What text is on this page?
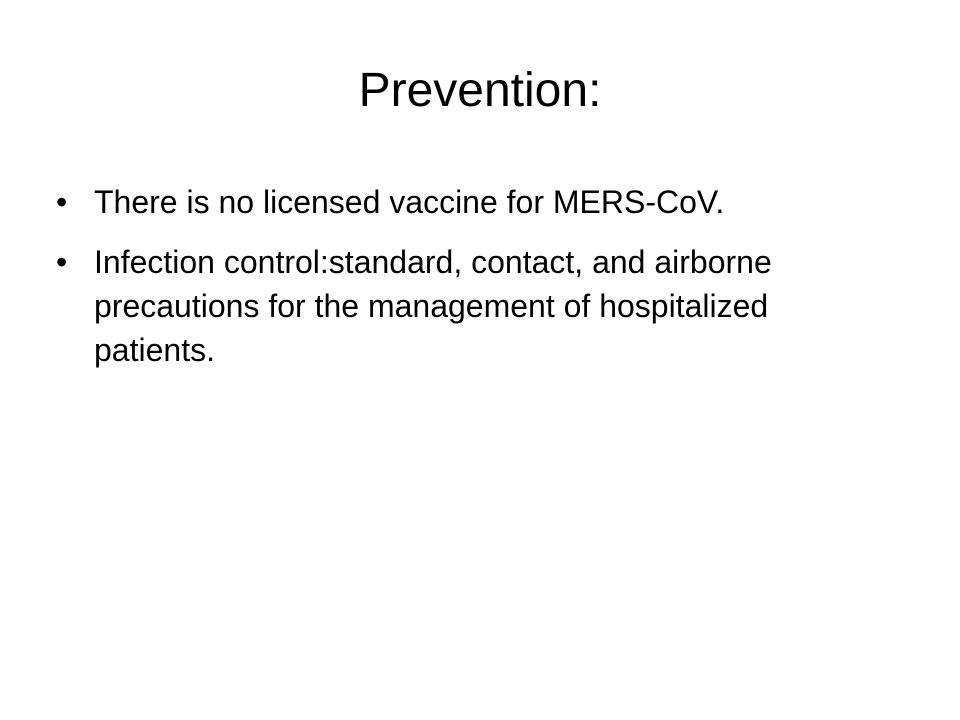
Prevention:
• There is no licensed vaccine for MERS-CoV.
• Infection control:standard, contact, and airborne precautions for the management of hospitalized patients.
